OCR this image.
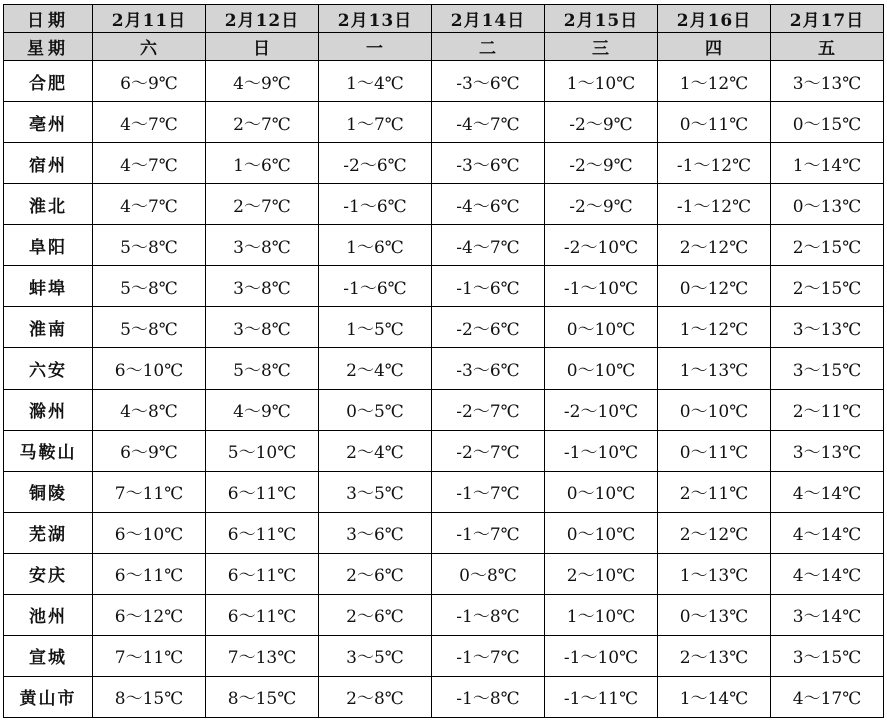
日期	2月11日	2月12日	2月13日	2月14日	2月15日	2月16日	2月17日
星期	六	日	一	二	三	四	五
合肥	6～9℃	4～9℃	1～4℃	-3～6℃	1～10℃	1～12℃	3～13℃
亳州	4～7℃	2～7℃	1～7℃	-4～7℃	-2～9℃	0～11℃	0～15℃
宿州	4～7℃	1～6℃	-2～6℃	-3～6℃	-2～9℃	-1～12℃	1～14℃
淮北	4～7℃	2～7℃	-1～6℃	-4～6℃	-2～9℃	-1～12℃	0～13℃
阜阳	5～8℃	3～8℃	1～6℃	-4～7℃	-2～10℃	2～12℃	2～15℃
蚌埠	5～8℃	3～8℃	-1～6℃	-1～6℃	-1～10℃	0～12℃	2～15℃
淮南	5～8℃	3～8℃	1～5℃	-2～6℃	0～10℃	1～12℃	3～13℃
六安	6～10℃	5～8℃	2～4℃	-3～6℃	0～10℃	1～13℃	3～15℃
滁州	4～8℃	4～9℃	0～5℃	-2～7℃	-2～10℃	0～10℃	2～11℃
马鞍山	6～9℃	5～10℃	2～4℃	-2～7℃	-1～10℃	0～11℃	3～13℃
铜陵	7～11℃	6～11℃	3～5℃	-1～7℃	0～10℃	2～11℃	4～14℃
芜湖	6～10℃	6～11℃	3～6℃	-1～7℃	0～10℃	2～12℃	4～14℃
安庆	6～11℃	6～11℃	2～6℃	0～8℃	2～10℃	1～13℃	4～14℃
池州	6～12℃	6～11℃	2～6℃	-1～8℃	1～10℃	0～13℃	3～14℃
宣城	7～11℃	7～13℃	3～5℃	-1～7℃	-1～10℃	2～13℃	3～15℃
黄山市	8～15℃	8～15℃	2～8℃	-1～8℃	-1～11℃	1～14℃	4～17℃
